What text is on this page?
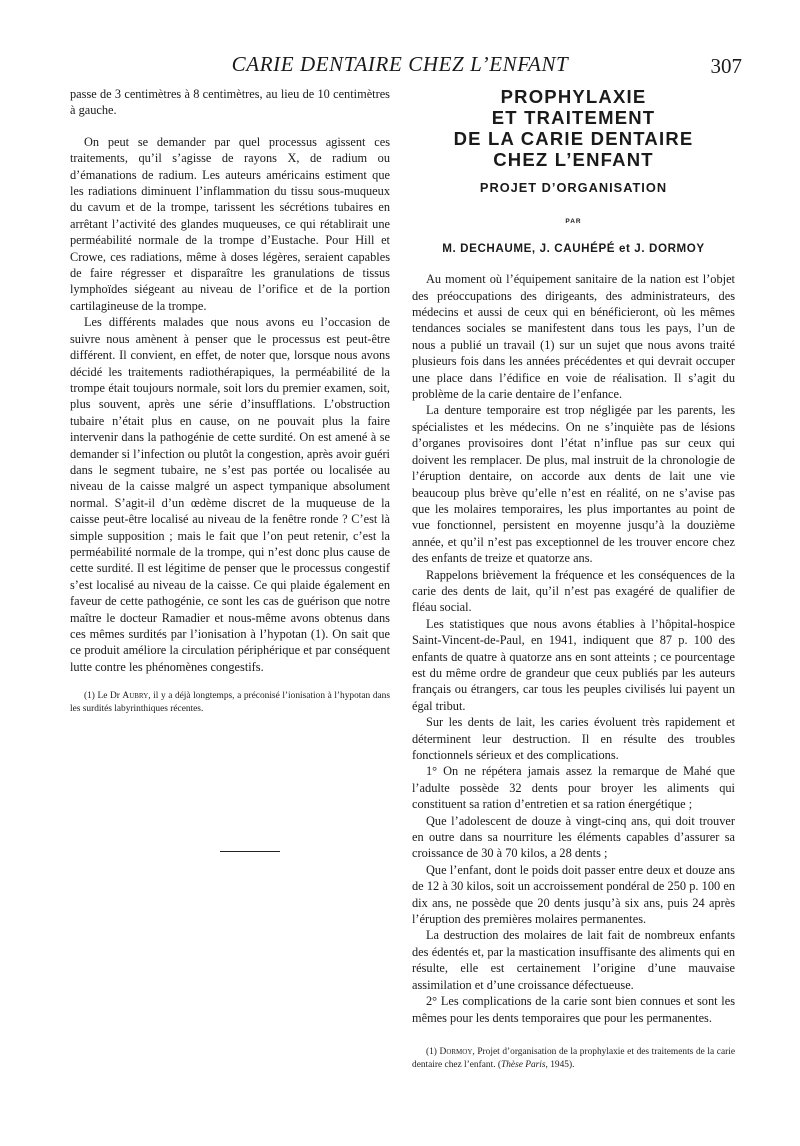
CARIE DENTAIRE CHEZ L’ENFANT	307

passe de 3 centimètres à 8 centimètres, au lieu de 10 centimètres à gauche.

On peut se demander par quel processus agissent ces traitements, qu’il s’agisse de rayons X, de radium ou d’émanations de radium. Les auteurs américains estiment que les radiations diminuent l’inflammation du tissu sous-muqueux du cavum et de la trompe, tarissent les sécrétions tubaires en arrêtant l’activité des glandes muqueuses, ce qui rétablirait une perméabilité normale de la trompe d’Eustache. Pour Hill et Crowe, ces radiations, même à doses légères, seraient capables de faire régresser et disparaître les granulations de tissus lymphoïdes siégeant au niveau de l’orifice et de la portion cartilagineuse de la trompe.

Les différents malades que nous avons eu l’occasion de suivre nous amènent à penser que le processus est peut-être différent. Il convient, en effet, de noter que, lorsque nous avons décidé les traitements radiothérapiques, la perméabilité de la trompe était toujours normale, soit lors du premier examen, soit, plus souvent, après une série d’insufflations. L’obstruction tubaire n’était plus en cause, on ne pouvait plus la faire intervenir dans la pathogénie de cette surdité. On est amené à se demander si l’infection ou plutôt la congestion, après avoir guéri dans le segment tubaire, ne s’est pas portée ou localisée au niveau de la caisse malgré un aspect tympanique absolument normal. S’agit-il d’un œdème discret de la muqueuse de la caisse peut-être localisé au niveau de la fenêtre ronde ? C’est là simple supposition ; mais le fait que l’on peut retenir, c’est la perméabilité normale de la trompe, qui n’est donc plus cause de cette surdité. Il est légitime de penser que le processus congestif s’est localisé au niveau de la caisse. Ce qui plaide également en faveur de cette pathogénie, ce sont les cas de guérison que notre maître le docteur Ramadier et nous-même avons obtenus dans ces mêmes surdités par l’ionisation à l’hypotan (1). On sait que ce produit améliore la circulation périphérique et par conséquent lutte contre les phénomènes congestifs.

(1) Le Dr Aubry, il y a déjà longtemps, a préconisé l’ionisation à l’hypotan dans les surdités labyrinthiques récentes.

PROPHYLAXIE
ET TRAITEMENT
DE LA CARIE DENTAIRE
CHEZ L’ENFANT
PROJET D’ORGANISATION
PAR
M. DECHAUME, J. CAUHÉPÉ et J. DORMOY

Au moment où l’équipement sanitaire de la nation est l’objet des préoccupations des dirigeants, des administrateurs, des médecins et aussi de ceux qui en bénéficieront, où les mêmes tendances sociales se manifestent dans tous les pays, l’un de nous a publié un travail (1) sur un sujet que nous avons traité plusieurs fois dans les années précédentes et qui devrait occuper une place dans l’édifice en voie de réalisation. Il s’agit du problème de la carie dentaire de l’enfance.

La denture temporaire est trop négligée par les parents, les spécialistes et les médecins. On ne s’inquiète pas de lésions d’organes provisoires dont l’état n’influe pas sur ceux qui doivent les remplacer. De plus, mal instruit de la chronologie de l’éruption dentaire, on accorde aux dents de lait une vie beaucoup plus brève qu’elle n’est en réalité, on ne s’avise pas que les molaires temporaires, les plus importantes au point de vue fonctionnel, persistent en moyenne jusqu’à la douzième année, et qu’il n’est pas exceptionnel de les trouver encore chez des enfants de treize et quatorze ans.

Rappelons brièvement la fréquence et les conséquences de la carie des dents de lait, qu’il n’est pas exagéré de qualifier de fléau social.

Les statistiques que nous avons établies à l’hôpital-hospice Saint-Vincent-de-Paul, en 1941, indiquent que 87 p. 100 des enfants de quatre à quatorze ans en sont atteints ; ce pourcentage est du même ordre de grandeur que ceux publiés par les auteurs français ou étrangers, car tous les peuples civilisés lui payent un égal tribut.

Sur les dents de lait, les caries évoluent très rapidement et déterminent leur destruction. Il en résulte des troubles fonctionnels sérieux et des complications.

1° On ne répétera jamais assez la remarque de Mahé que l’adulte possède 32 dents pour broyer les aliments qui constituent sa ration d’entretien et sa ration énergétique ;

Que l’adolescent de douze à vingt-cinq ans, qui doit trouver en outre dans sa nourriture les éléments capables d’assurer sa croissance de 30 à 70 kilos, a 28 dents ;

Que l’enfant, dont le poids doit passer entre deux et douze ans de 12 à 30 kilos, soit un accroissement pondéral de 250 p. 100 en dix ans, ne possède que 20 dents jusqu’à six ans, puis 24 après l’éruption des premières molaires permanentes.

La destruction des molaires de lait fait de nombreux enfants des édentés et, par la mastication insuffisante des aliments qui en résulte, elle est certainement l’origine d’une mauvaise assimilation et d’une croissance défectueuse.

2° Les complications de la carie sont bien connues et sont les mêmes pour les dents temporaires que pour les permanentes.

(1) Dormoy, Projet d’organisation de la prophylaxie et des traitements de la carie dentaire chez l’enfant. (Thèse Paris, 1945).
